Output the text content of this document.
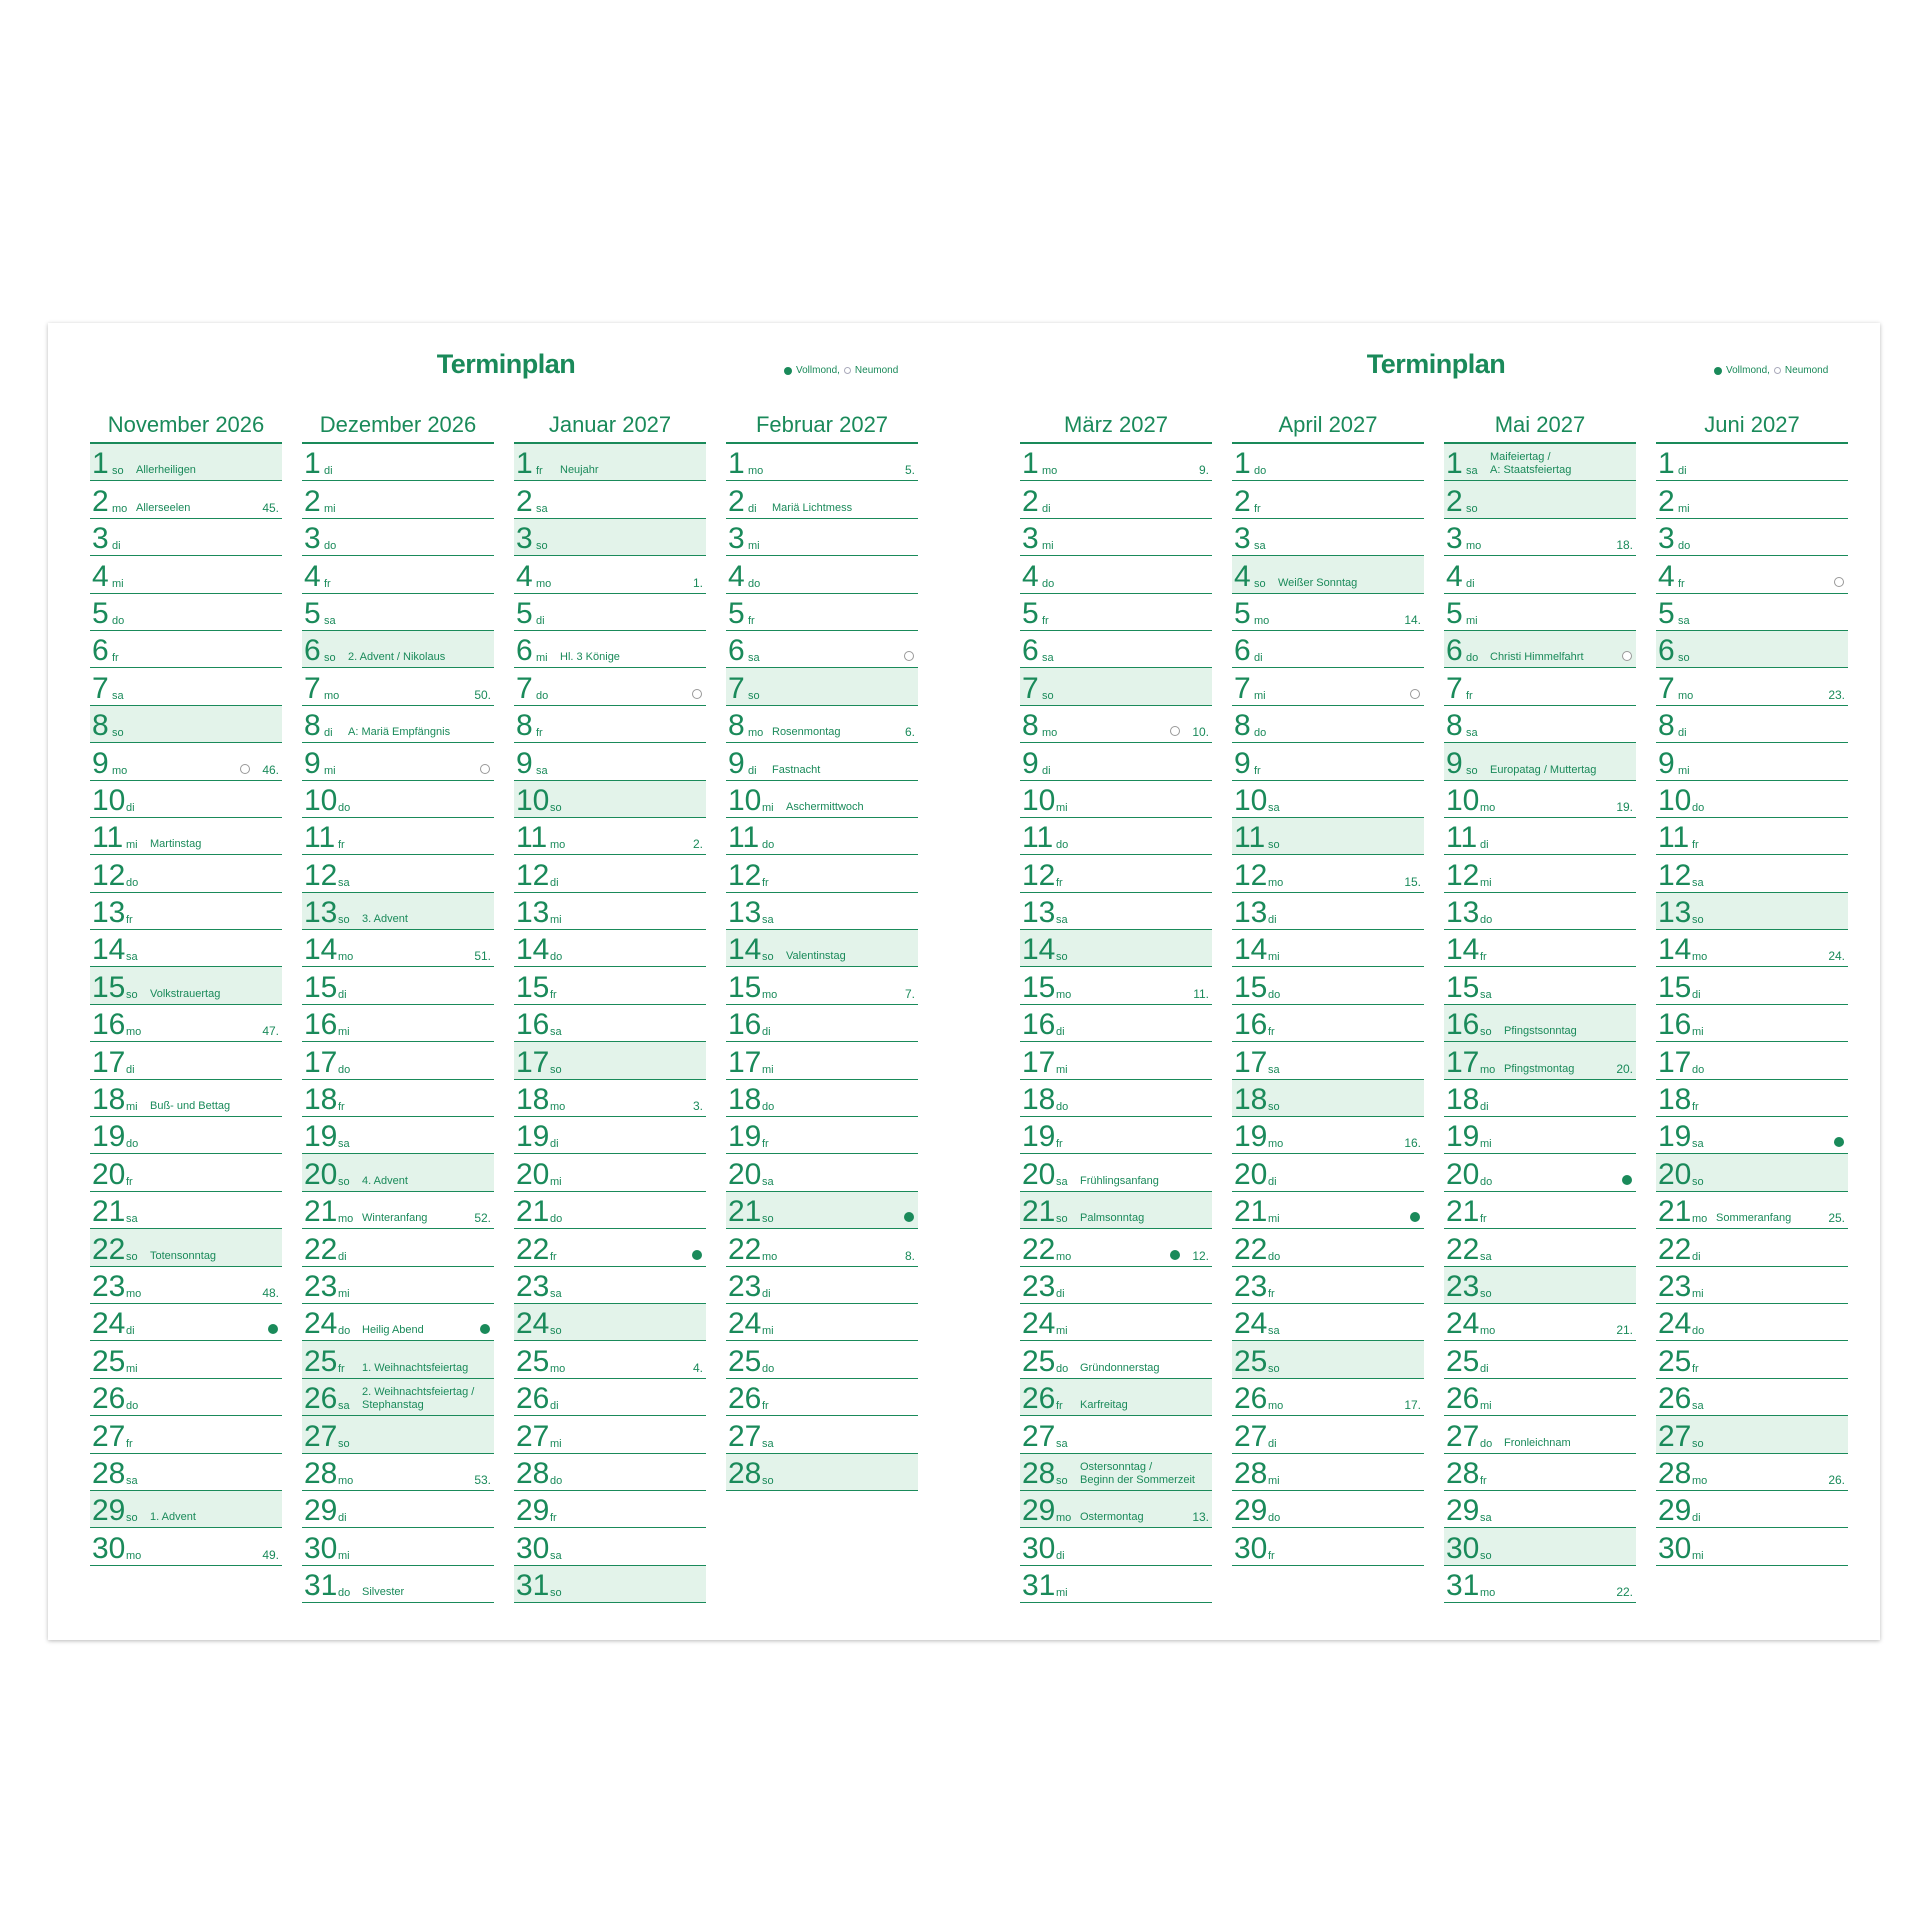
Terminplan	Vollmond, Neumond
November 2026
1 so Allerheiligen
2 mo Allerseelen	45.
3 di
4 mi
5 do
6 fr
7 sa
8 so
9 mo	46.
10 di
11 mi Martinstag
12 do
13 fr
14 sa
15 so Volkstrauertag
16 mo	47.
17 di
18 mi Buß- und Bettag
19 do
20 fr
21 sa
22 so Totensonntag
23 mo	48.
24 di
25 mi
26 do
27 fr
28 sa
29 so 1. Advent
30 mo	49.
Dezember 2026
1 di
2 mi
3 do
4 fr
5 sa
6 so 2. Advent / Nikolaus
7 mo	50.
8 di A: Mariä Empfängnis
9 mi
10 do
11 fr
12 sa
13 so 3. Advent
14 mo	51.
15 di
16 mi
17 do
18 fr
19 sa
20 so 4. Advent
21 mo Winteranfang	52.
22 di
23 mi
24 do Heilig Abend
25 fr 1. Weihnachtsfeiertag
26 sa
2. Weihnachtsfeiertag /
Stephanstag
27 so
28 mo	53.
29 di
30 mi
31 do Silvester
Januar 2027
1 fr Neujahr
2 sa
3 so
4 mo	1.
5 di
6 mi Hl. 3 Könige
7 do
8 fr
9 sa
10 so
11 mo	2.
12 di
13 mi
14 do
15 fr
16 sa
17 so
18 mo	3.
19 di
20 mi
21 do
22 fr
23 sa
24 so
25 mo	4.
26 di
27 mi
28 do
29 fr
30 sa
31 so
Februar 2027
1 mo	5.
2 di Mariä Lichtmess
3 mi
4 do
5 fr
6 sa
7 so
8 mo Rosenmontag	6.
9 di Fastnacht
10 mi Aschermittwoch
11 do
12 fr
13 sa
14 so Valentinstag
15 mo	7.
16 di
17 mi
18 do
19 fr
20 sa
21 so
22 mo	8.
23 di
24 mi
25 do
26 fr
27 sa
28 so
Terminplan	Vollmond, Neumond
März 2027
1 mo	9.
2 di
3 mi
4 do
5 fr
6 sa
7 so
8 mo	10.
9 di
10 mi
11 do
12 fr
13 sa
14 so
15 mo	11.
16 di
17 mi
18 do
19 fr
20 sa Frühlingsanfang
21 so Palmsonntag
22 mo	12.
23 di
24 mi
25 do Gründonnerstag
26 fr Karfreitag
27 sa
28 so
Ostersonntag /
Beginn der Sommerzeit
29 mo Ostermontag	13.
30 di
31 mi
April 2027
1 do
2 fr
3 sa
4 so Weißer Sonntag
5 mo	14.
6 di
7 mi
8 do
9 fr
10 sa
11 so
12 mo	15.
13 di
14 mi
15 do
16 fr
17 sa
18 so
19 mo	16.
20 di
21 mi
22 do
23 fr
24 sa
25 so
26 mo	17.
27 di
28 mi
29 do
30 fr
Mai 2027
1 sa
Maifeiertag /
A: Staatsfeiertag
2 so
3 mo	18.
4 di
5 mi
6 do Christi Himmelfahrt
7 fr
8 sa
9 so Europatag / Muttertag
10 mo	19.
11 di
12 mi
13 do
14 fr
15 sa
16 so Pfingstsonntag
17 mo Pfingstmontag	20.
18 di
19 mi
20 do
21 fr
22 sa
23 so
24 mo	21.
25 di
26 mi
27 do Fronleichnam
28 fr
29 sa
30 so
31 mo	22.
Juni 2027
1 di
2 mi
3 do
4 fr
5 sa
6 so
7 mo	23.
8 di
9 mi
10 do
11 fr
12 sa
13 so
14 mo	24.
15 di
16 mi
17 do
18 fr
19 sa
20 so
21 mo Sommeranfang	25.
22 di
23 mi
24 do
25 fr
26 sa
27 so
28 mo	26.
29 di
30 mi
